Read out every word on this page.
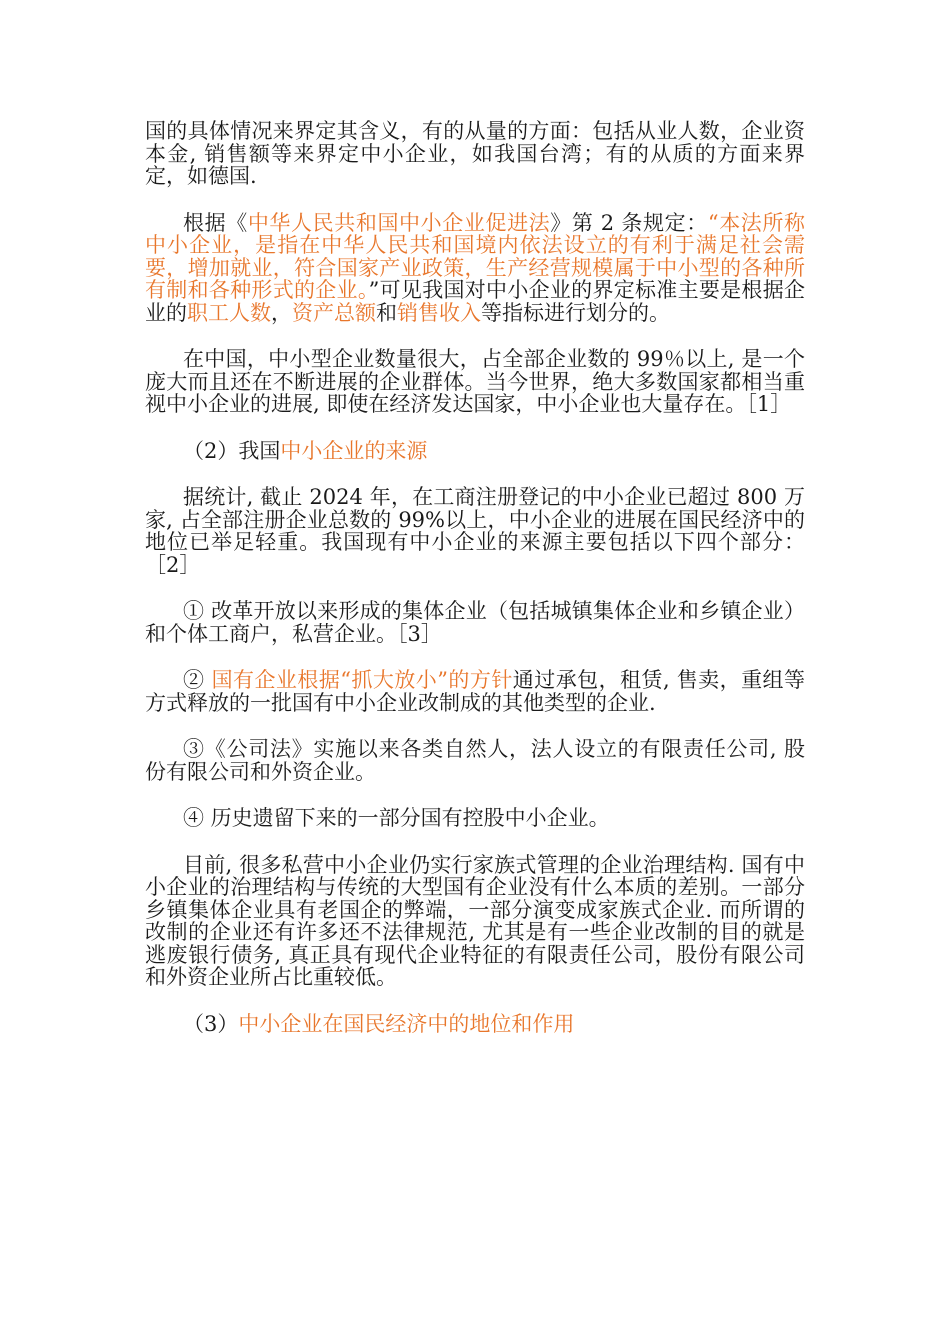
国的具体情况来界定其含义，有的从量的方面：包括从业人数，企业资本金, 销售额等来界定中小企业，如我国台湾；有的从质的方面来界定，如德国.

根据《中华人民共和国中小企业促进法》第 2 条规定：“本法所称中小企业，是指在中华人民共和国境内依法设立的有利于满足社会需要，增加就业，符合国家产业政策，生产经营规模属于中小型的各种所有制和各种形式的企业。”可见我国对中小企业的界定标准主要是根据企业的职工人数，资产总额和销售收入等指标进行划分的。

在中国，中小型企业数量很大，占全部企业数的 99％以上, 是一个庞大而且还在不断进展的企业群体。当今世界，绝大多数国家都相当重视中小企业的进展, 即使在经济发达国家，中小企业也大量存在。［1］

（2）我国中小企业的来源

据统计, 截止 2024 年，在工商注册登记的中小企业已超过 800 万家, 占全部注册企业总数的 99%以上，中小企业的进展在国民经济中的地位已举足轻重。我国现有中小企业的来源主要包括以下四个部分：［2］

① 改革开放以来形成的集体企业（包括城镇集体企业和乡镇企业）和个体工商户，私营企业。［3］

② 国有企业根据“抓大放小”的方针通过承包，租赁, 售卖，重组等方式释放的一批国有中小企业改制成的其他类型的企业.

③《公司法》实施以来各类自然人，法人设立的有限责任公司, 股份有限公司和外资企业。

④ 历史遗留下来的一部分国有控股中小企业。

目前, 很多私营中小企业仍实行家族式管理的企业治理结构. 国有中小企业的治理结构与传统的大型国有企业没有什么本质的差别。一部分乡镇集体企业具有老国企的弊端，一部分演变成家族式企业. 而所谓的改制的企业还有许多还不法律规范, 尤其是有一些企业改制的目的就是逃废银行债务, 真正具有现代企业特征的有限责任公司，股份有限公司和外资企业所占比重较低。

（3）中小企业在国民经济中的地位和作用
